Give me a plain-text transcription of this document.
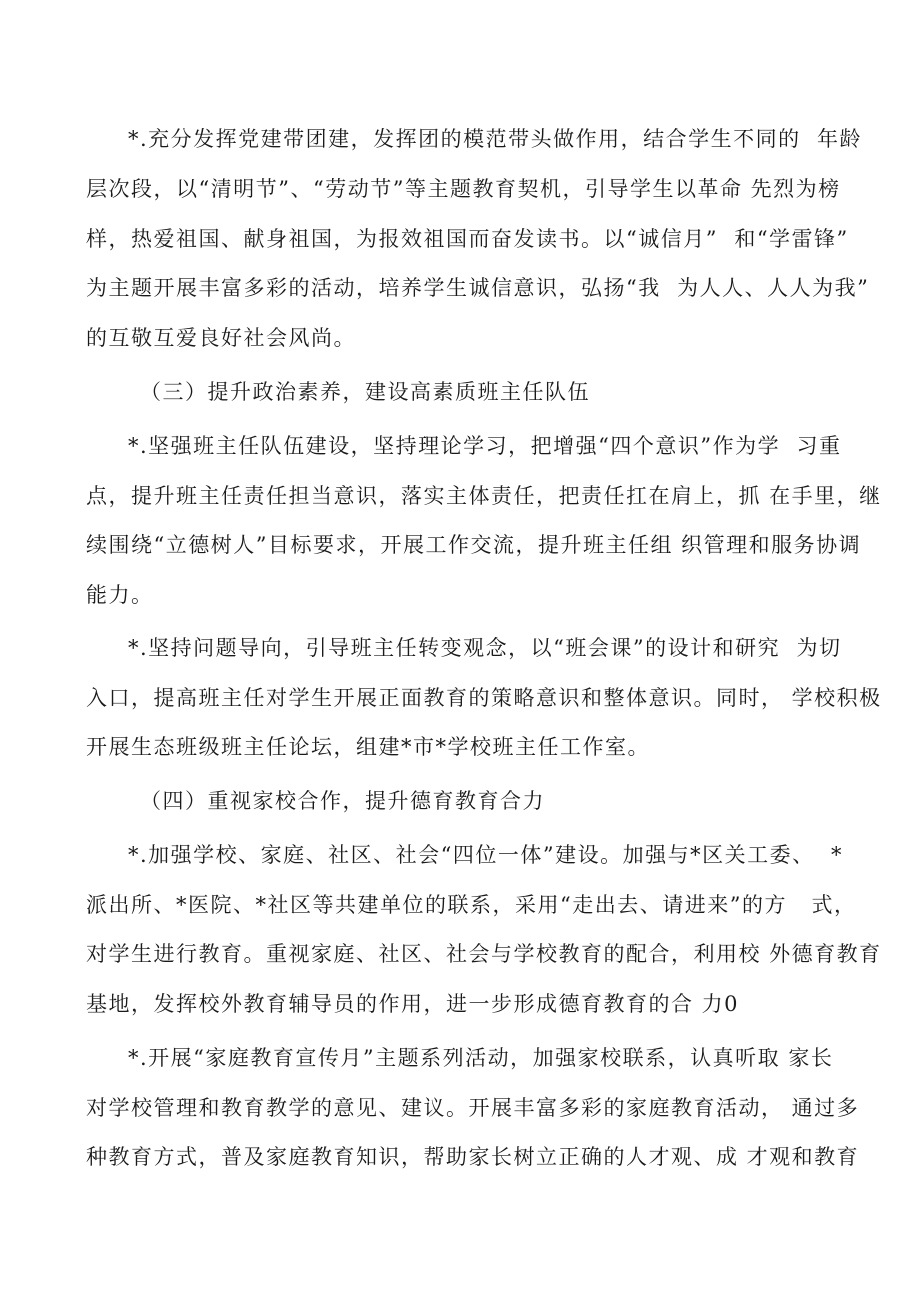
*.充分发挥党建带团建，发挥团的模范带头做作用，结合学生不同的  年龄
层次段，以“清明节”、“劳动节”等主题教育契机，引导学生以革命 先烈为榜
样，热爱祖国、献身祖国，为报效祖国而奋发读书。以“诚信月”  和“学雷锋”
为主题开展丰富多彩的活动，培养学生诚信意识，弘扬“我  为人人、人人为我”
的互敬互爱良好社会风尚。
（三）提升政治素养，建设高素质班主任队伍
*.坚强班主任队伍建设，坚持理论学习，把增强“四个意识”作为学  习重
点，提升班主任责任担当意识，落实主体责任，把责任扛在肩上，抓 在手里，继
续围绕“立德树人”目标要求，开展工作交流，提升班主任组 织管理和服务协调
能力。
*.坚持问题导向，引导班主任转变观念，以“班会课”的设计和研究  为切
入口，提高班主任对学生开展正面教育的策略意识和整体意识。同时， 学校积极
开展生态班级班主任论坛，组建*市*学校班主任工作室。
（四）重视家校合作，提升德育教育合力
*.加强学校、家庭、社区、社会“四位一体”建设。加强与*区关工委、  *
派出所、*医院、*社区等共建单位的联系，采用“走出去、请进来”的方   式，
对学生进行教育。重视家庭、社区、社会与学校教育的配合，利用校 外德育教育
基地，发挥校外教育辅导员的作用，进一步形成德育教育的合 力0
*.开展“家庭教育宣传月”主题系列活动，加强家校联系，认真听取 家长
对学校管理和教育教学的意见、建议。开展丰富多彩的家庭教育活动， 通过多
种教育方式，普及家庭教育知识，帮助家长树立正确的人才观、成 才观和教育
